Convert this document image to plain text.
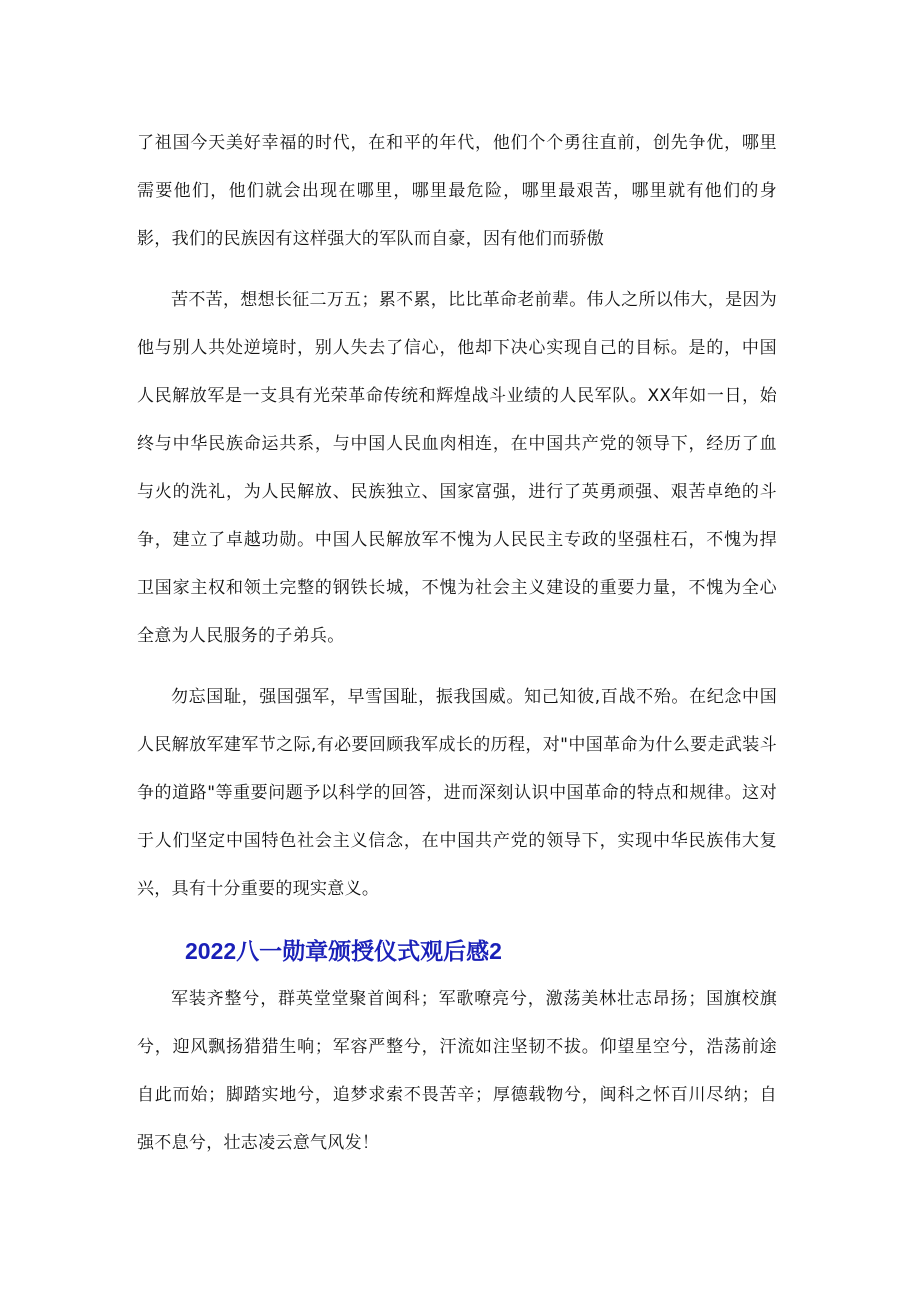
了祖国今天美好幸福的时代，在和平的年代，他们个个勇往直前，创先争优，哪里需要他们，他们就会出现在哪里，哪里最危险，哪里最艰苦，哪里就有他们的身影，我们的民族因有这样强大的军队而自豪，因有他们而骄傲

苦不苦，想想长征二万五；累不累，比比革命老前辈。伟人之所以伟大，是因为他与别人共处逆境时，别人失去了信心，他却下决心实现自己的目标。是的，中国人民解放军是一支具有光荣革命传统和辉煌战斗业绩的人民军队。XX年如一日，始终与中华民族命运共系，与中国人民血肉相连，在中国共产党的领导下，经历了血与火的洗礼，为人民解放、民族独立、国家富强，进行了英勇顽强、艰苦卓绝的斗争，建立了卓越功勋。中国人民解放军不愧为人民民主专政的坚强柱石，不愧为捍卫国家主权和领土完整的钢铁长城，不愧为社会主义建设的重要力量，不愧为全心全意为人民服务的子弟兵。

勿忘国耻，强国强军，早雪国耻，振我国威。知己知彼,百战不殆。在纪念中国人民解放军建军节之际,有必要回顾我军成长的历程，对"中国革命为什么要走武装斗争的道路"等重要问题予以科学的回答，进而深刻认识中国革命的特点和规律。这对于人们坚定中国特色社会主义信念，在中国共产党的领导下，实现中华民族伟大复兴，具有十分重要的现实意义。

2022八一勋章颁授仪式观后感2

军装齐整兮，群英堂堂聚首闽科；军歌嘹亮兮，激荡美林壮志昂扬；国旗校旗兮，迎风飘扬猎猎生响；军容严整兮，汗流如注坚韧不拔。仰望星空兮，浩荡前途自此而始；脚踏实地兮，追梦求索不畏苦辛；厚德载物兮，闽科之怀百川尽纳；自强不息兮，壮志凌云意气风发！
